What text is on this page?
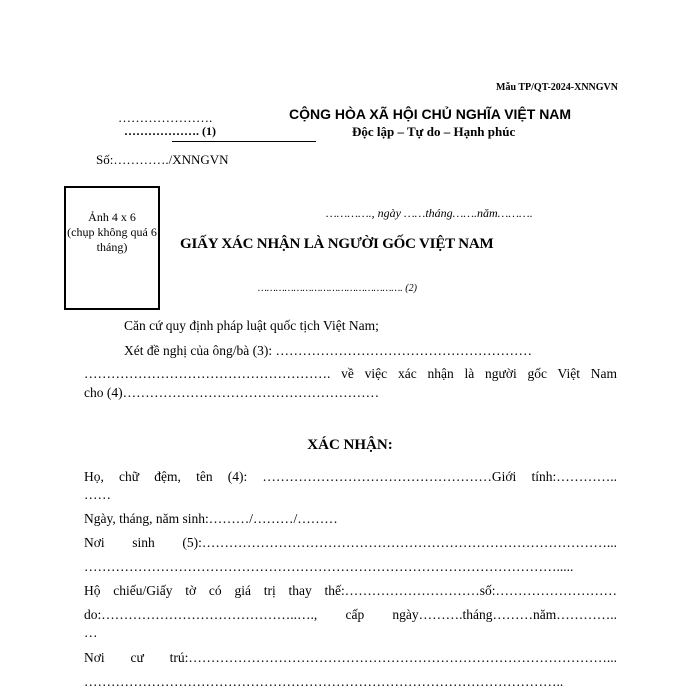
Mẫu TP/QT-2024-XNNGVN
………………….
………………. (1)
CỘNG HÒA XÃ HỘI CHỦ NGHĨA VIỆT NAM
Độc lập – Tự do – Hạnh phúc
Số:…………./XNNGVN
Ảnh 4 x 6
(chụp không quá 6 tháng)
…………., ngày ……tháng…….năm……….
GIẤY XÁC NHẬN LÀ NGƯỜI GỐC VIỆT NAM
…………………………………………. (2)
Căn cứ quy định pháp luật quốc tịch Việt Nam;
Xét đề nghị của ông/bà (3): …………………………………………………
………………………………………………. về việc xác nhận là người gốc Việt Nam
cho (4)…………………………………………………
XÁC NHẬN:
Họ, chữ đệm, tên (4): ……………………………………………Giới tính:…………..
……
Ngày, tháng, năm sinh:………/………/………
Nơi sinh (5):………………………………………………………………………………...
…………………………………………………………………………………………….....
Hộ chiếu/Giấy tờ có giá trị thay thế:…………………………số:………………………
do:……………………………………..…., cấp ngày……….tháng………năm…………..
…
Nơi cư trú:…………………………………………………………………………………...
……………………………………………………………………………………………..
